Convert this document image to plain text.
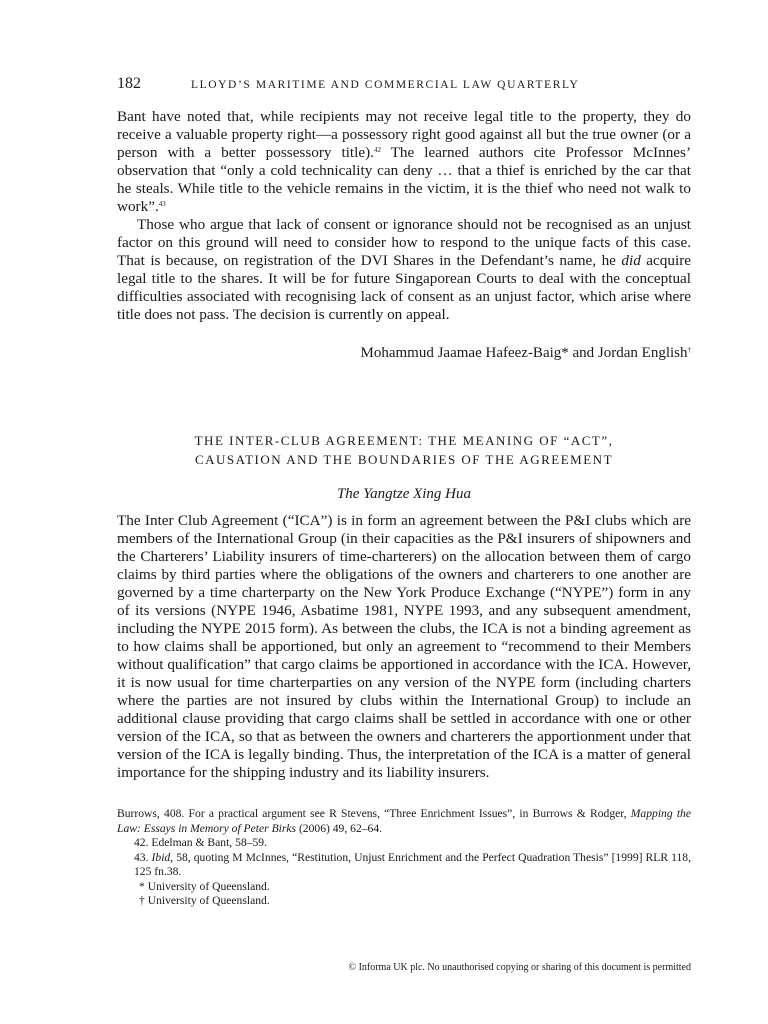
182	LLOYD’S MARITIME AND COMMERCIAL LAW QUARTERLY

Bant have noted that, while recipients may not receive legal title to the property, they do receive a valuable property right—a possessory right good against all but the true owner (or a person with a better possessory title).$^{42}$ The learned authors cite Professor McInnes’ observation that “only a cold technicality can deny … that a thief is enriched by the car that he steals. While title to the vehicle remains in the victim, it is the thief who need not walk to work”.$^{43}$

Those who argue that lack of consent or ignorance should not be recognised as an unjust factor on this ground will need to consider how to respond to the unique facts of this case. That is because, on registration of the DVI Shares in the Defendant’s name, he did acquire legal title to the shares. It will be for future Singaporean Courts to deal with the conceptual difficulties associated with recognising lack of consent as an unjust factor, which arise where title does not pass. The decision is currently on appeal.

Mohammud Jaamae Hafeez-Baig* and Jordan English†
THE INTER-CLUB AGREEMENT: THE MEANING OF “ACT”,
CAUSATION AND THE BOUNDARIES OF THE AGREEMENT
The Yangtze Xing Hua

The Inter Club Agreement (“ICA”) is in form an agreement between the P&I clubs which are members of the International Group (in their capacities as the P&I insurers of shipowners and the Charterers’ Liability insurers of time-charterers) on the allocation between them of cargo claims by third parties where the obligations of the owners and charterers to one another are governed by a time charterparty on the New York Produce Exchange (“NYPE”) form in any of its versions (NYPE 1946, Asbatime 1981, NYPE 1993, and any subsequent amendment, including the NYPE 2015 form). As between the clubs, the ICA is not a binding agreement as to how claims shall be apportioned, but only an agreement to “recommend to their Members without qualification” that cargo claims be apportioned in accordance with the ICA. However, it is now usual for time charterparties on any version of the NYPE form (including charters where the parties are not insured by clubs within the International Group) to include an additional clause providing that cargo claims shall be settled in accordance with one or other version of the ICA, so that as between the owners and charterers the apportionment under that version of the ICA is legally binding. Thus, the interpretation of the ICA is a matter of general importance for the shipping industry and its liability insurers.

Burrows, 408. For a practical argument see R Stevens, “Three Enrichment Issues”, in Burrows & Rodger, Mapping the Law: Essays in Memory of Peter Birks (2006) 49, 62–64.

42. Edelman & Bant, 58–59.

43. Ibid, 58, quoting M McInnes, “Restitution, Unjust Enrichment and the Perfect Quadration Thesis” [1999] RLR 118, 125 fn.38.

* University of Queensland.

† University of Queensland.

© Informa UK plc. No unauthorised copying or sharing of this document is permitted
